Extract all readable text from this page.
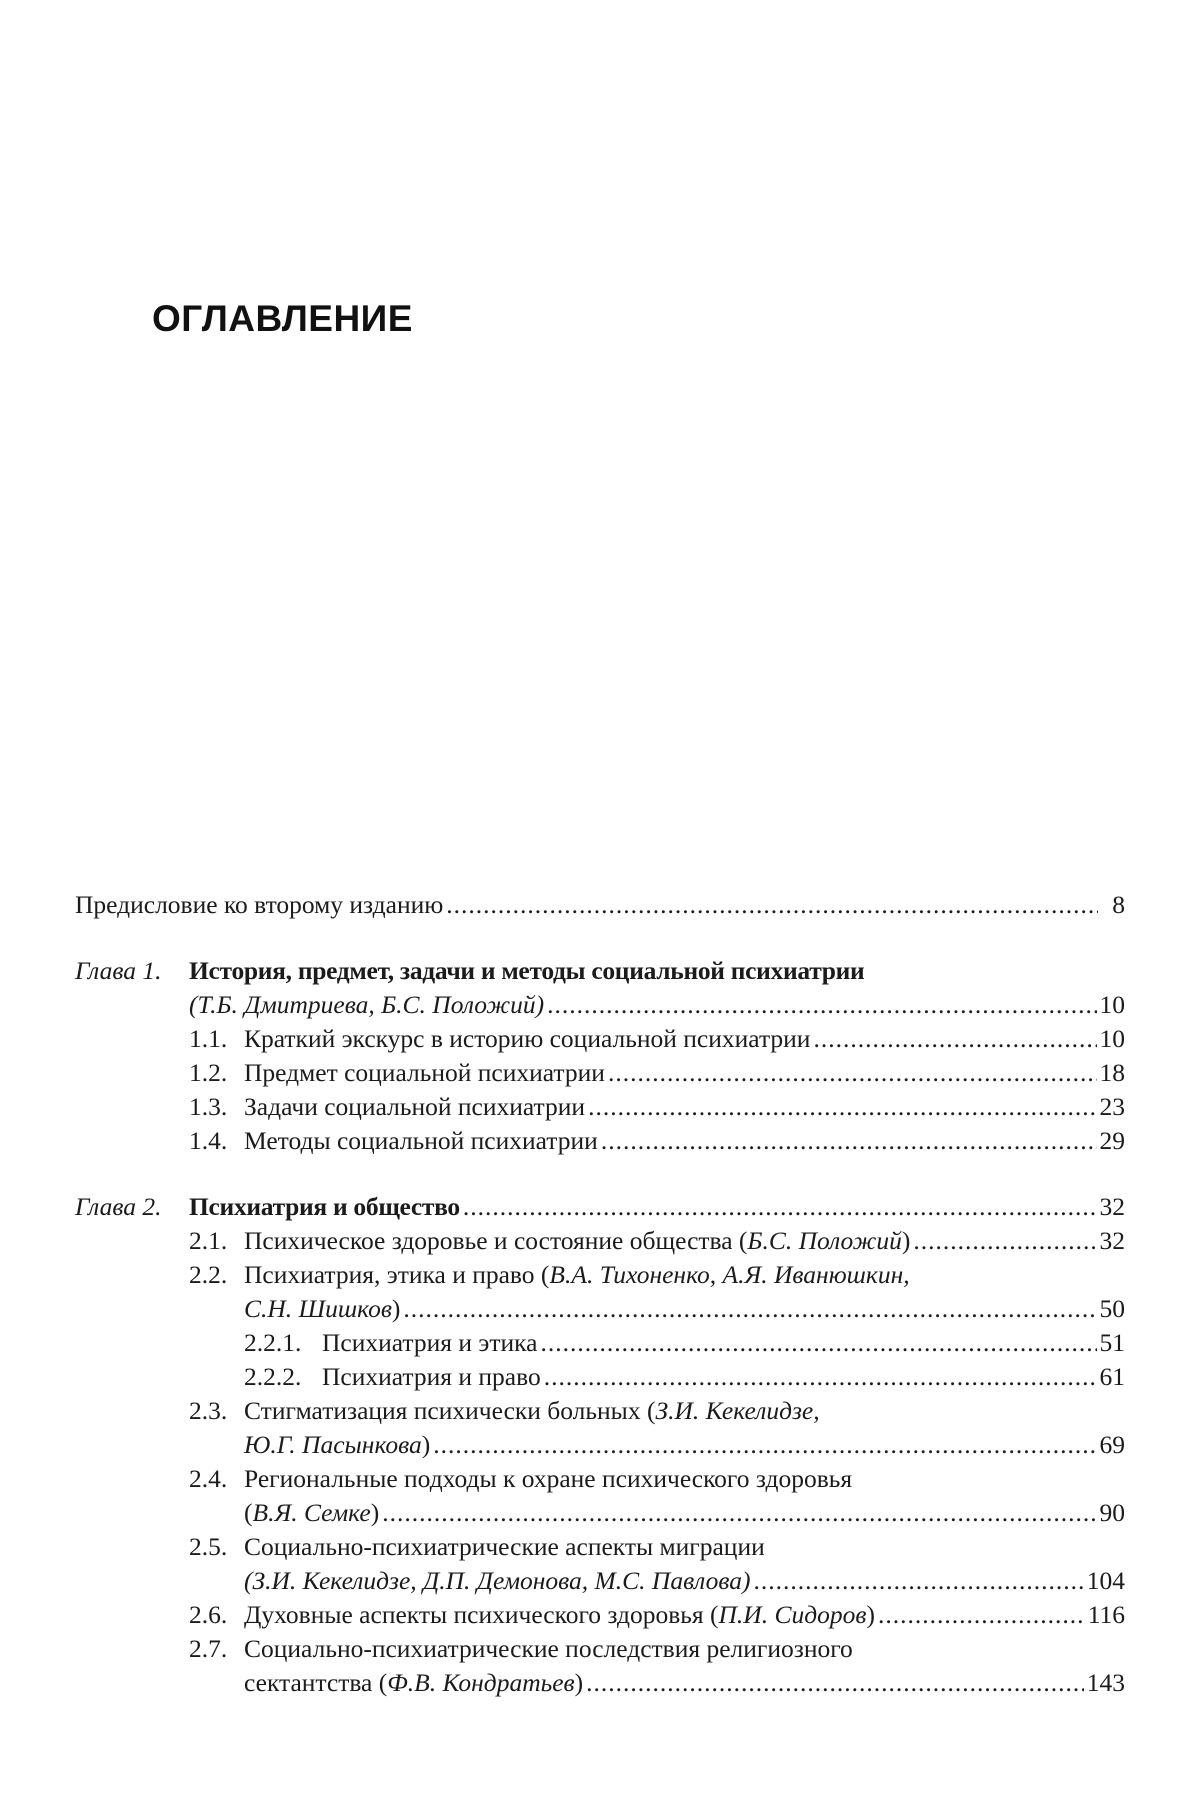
ОГЛАВЛЕНИЕ
Предисловие ко второму изданию .....	8
Глава 1.	История, предмет, задачи и методы социальной психиатрии
(Т.Б. Дмитриева, Б.С. Положий) .....	10
1.1. Краткий экскурс в историю социальной психиатрии .....	10
1.2. Предмет социальной психиатрии .....	18
1.3. Задачи социальной психиатрии .....	23
1.4. Методы социальной психиатрии .....	29
Глава 2.	Психиатрия и общество .....	32
2.1. Психическое здоровье и состояние общества ( Б.С. Положий ) .....	32
2.2. Психиатрия, этика и право ( В.А. Тихоненко, А.Я. Иванюшкин,
С.Н. Шишков ) .....	50
2.2.1. Психиатрия и этика .....	51
2.2.2. Психиатрия и право .....	61
2.3. Стигматизация психически больных ( З.И. Кекелидзе,
Ю.Г. Пасынкова ) .....	69
2.4. Региональные подходы к охране психического здоровья
( В.Я. Семке ) .....	90
2.5. Социально-психиатрические аспекты миграции
(З.И. Кекелидзе, Д.П. Демонова, М.С. Павлова) .....	104
2.6. Духовные аспекты психического здоровья ( П.И. Сидоров ) .....	116
2.7. Социально-психиатрические последствия религиозного
сектантства ( Ф.В. Кондратьев ) .....	143
